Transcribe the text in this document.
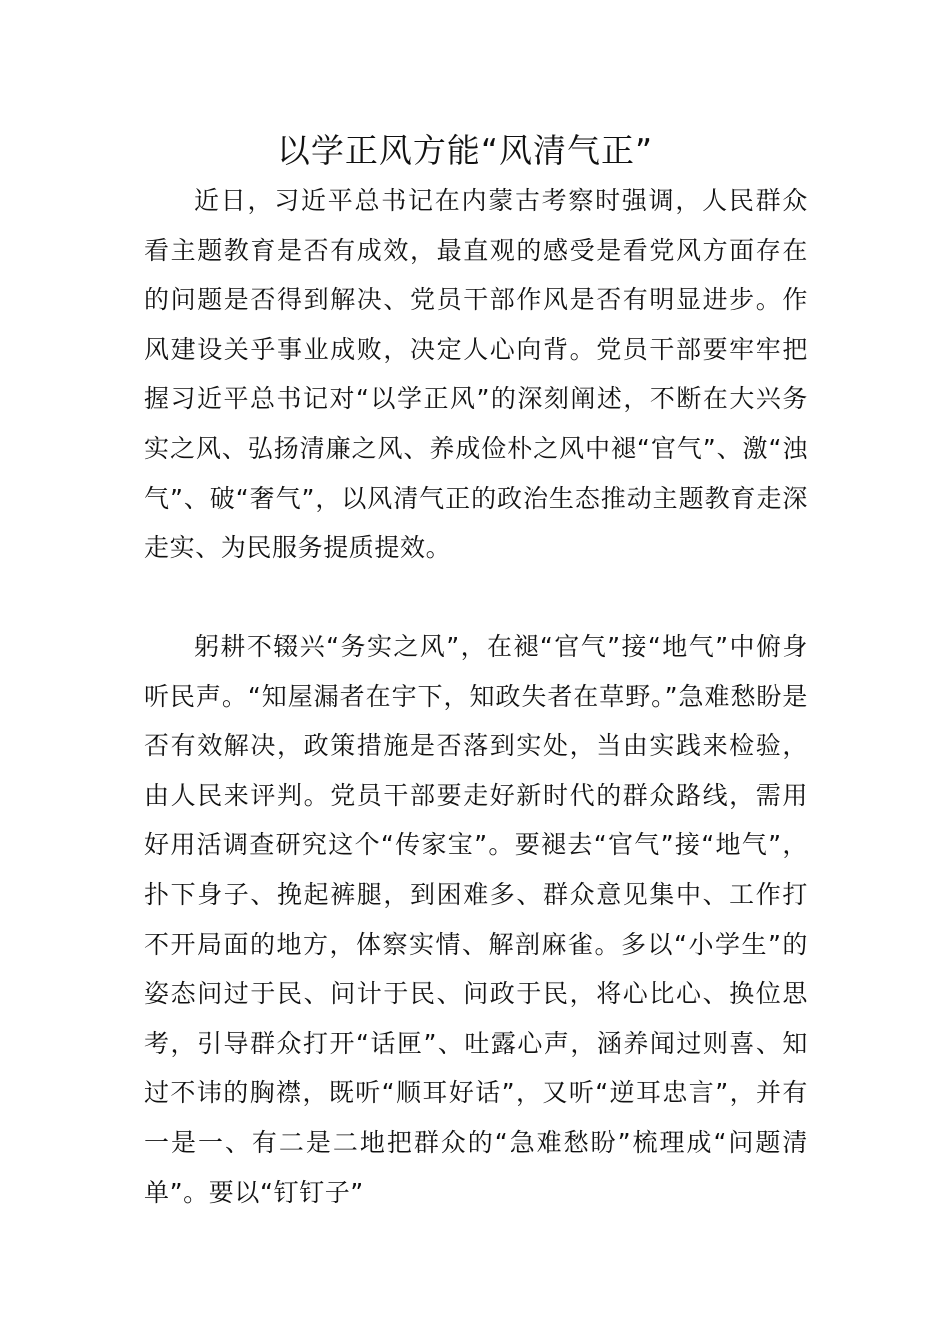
以学正风方能“风清气正”

近日，习近平总书记在内蒙古考察时强调，人民群众看主题教育是否有成效，最直观的感受是看党风方面存在的问题是否得到解决、党员干部作风是否有明显进步。作风建设关乎事业成败，决定人心向背。党员干部要牢牢把握习近平总书记对“以学正风”的深刻阐述，不断在大兴务实之风、弘扬清廉之风、养成俭朴之风中褪“官气”、激“浊气”、破“奢气”，以风清气正的政治生态推动主题教育走深走实、为民服务提质提效。

躬耕不辍兴“务实之风”，在褪“官气”接“地气”中俯身听民声。“知屋漏者在宇下，知政失者在草野。”急难愁盼是否有效解决，政策措施是否落到实处，当由实践来检验，由人民来评判。党员干部要走好新时代的群众路线，需用好用活调查研究这个“传家宝”。要褪去“官气”接“地气”，扑下身子、挽起裤腿，到困难多、群众意见集中、工作打不开局面的地方，体察实情、解剖麻雀。多以“小学生”的姿态问过于民、问计于民、问政于民，将心比心、换位思考，引导群众打开“话匣”、吐露心声，涵养闻过则喜、知过不讳的胸襟，既听“顺耳好话”，又听“逆耳忠言”，并有一是一、有二是二地把群众的“急难愁盼”梳理成“问题清单”。要以“钉钉子”
